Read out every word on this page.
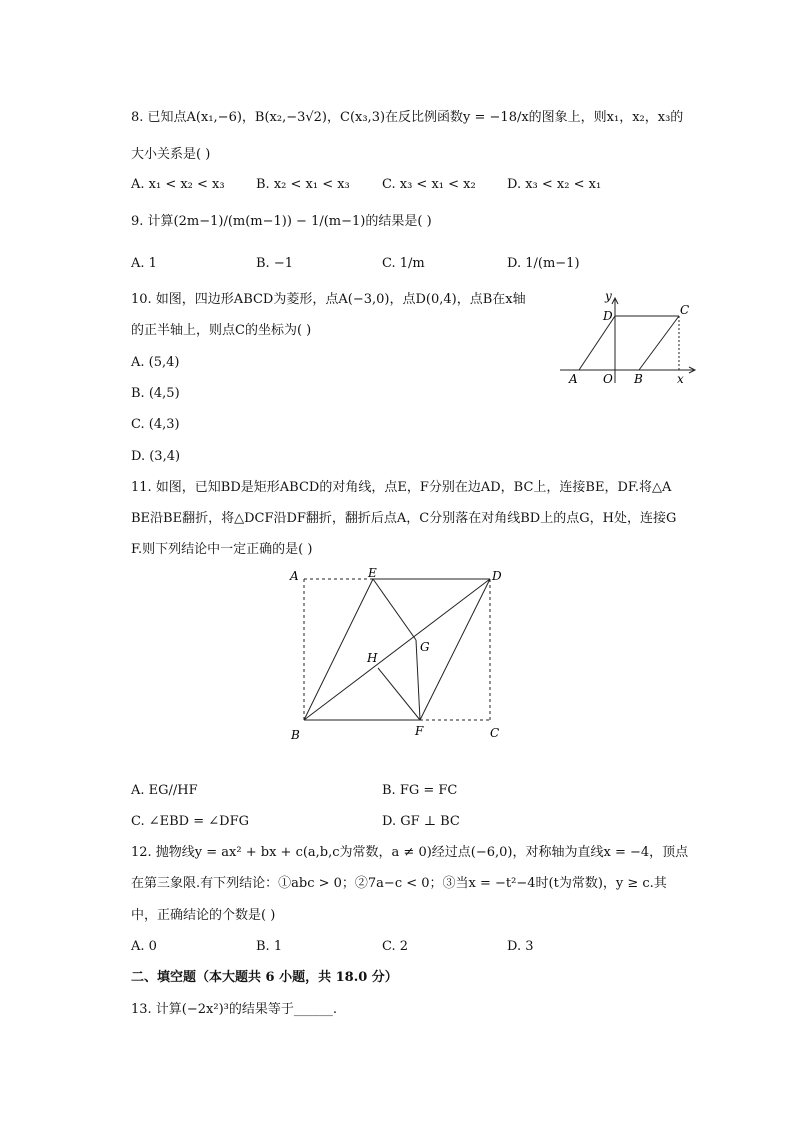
8. 已知点A(x₁,−6)，B(x₂,−3√2)，C(x₃,3)在反比例函数y = −18/x的图象上，则x₁，x₂，x₃的
大小关系是( )
A. x₁ < x₂ < x₃ B. x₂ < x₁ < x₃ C. x₃ < x₁ < x₂ D. x₃ < x₂ < x₁
9. 计算(2m−1)/(m(m−1)) − 1/(m−1)的结果是( )
A. 1	B. −1	C. 1/m	D. 1/(m−1)
10. 如图，四边形ABCD为菱形，点A(−3,0)，点D(0,4)，点B在x轴
的正半轴上，则点C的坐标为( )
A. (5,4)
B. (4,5)
C. (4,3)
D. (3,4)
y
D	C
A O B	x
11. 如图，已知BD是矩形ABCD的对角线，点E，F分别在边AD，BC上，连接BE，DF.将△A
BE沿BE翻折，将△DCF沿DF翻折，翻折后点A，C分别落在对角线BD上的点G，H处，连接G
F.则下列结论中一定正确的是( )
A	E	D
G
H
B	F	C
A. EG//HF	B. FG = FC
C. ∠EBD = ∠DFG	D. GF ⊥ BC
12. 抛物线y = ax² + bx + c(a,b,c为常数，a ≠ 0)经过点(−6,0)，对称轴为直线x = −4，顶点
在第三象限.有下列结论：①abc > 0；②7a−c < 0；③当x = −t²−4时(t为常数)，y ≥ c.其
中，正确结论的个数是( )
A. 0	B. 1	C. 2	D. 3
二、填空题（本大题共 6 小题，共 18.0 分）
13. 计算(−2x²)³的结果等于______.
